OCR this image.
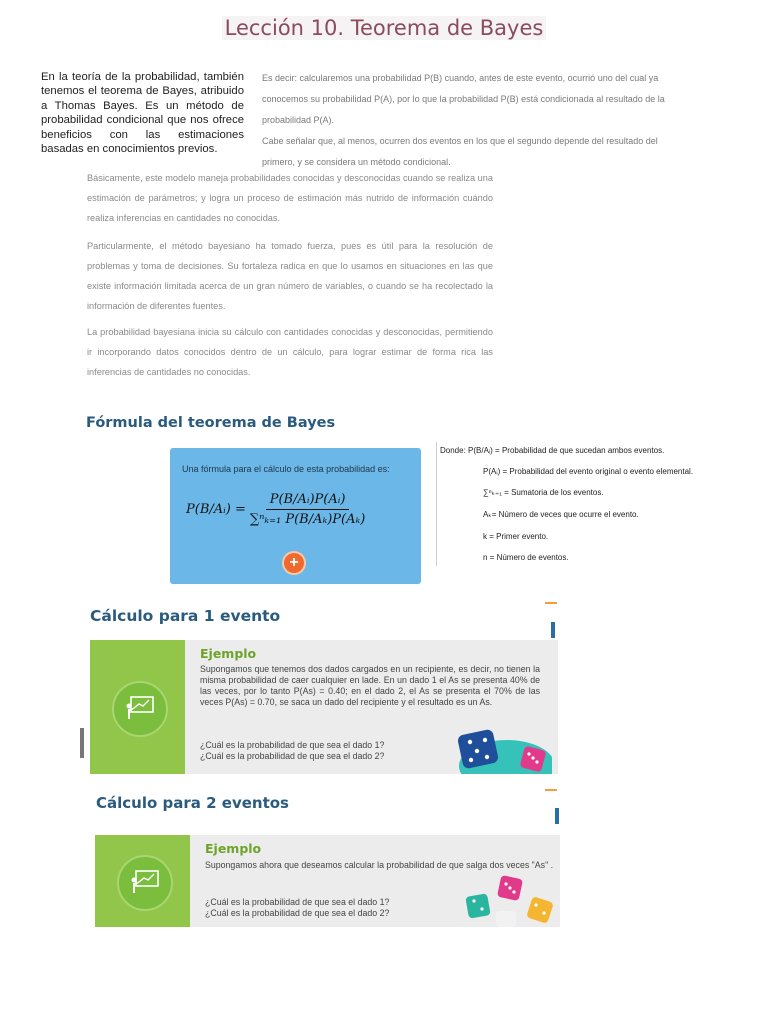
Lección 10. Teorema de Bayes
En la teoría de la probabilidad, también tenemos el teorema de Bayes, atribuido a Thomas Bayes. Es un método de probabilidad condicional que nos ofrece beneficios con las estimaciones basadas en conocimientos previos.
Es decir: calcularemos una probabilidad P(B) cuando, antes de este evento, ocurrió uno del cual ya conocemos su probabilidad P(A), por lo que la probabilidad P(B) está condicionada al resultado de la probabilidad P(A).
Cabe señalar que, al menos, ocurren dos eventos en los que el segundo depende del resultado del primero, y se considera un método condicional.
Básicamente, este modelo maneja probabilidades conocidas y desconocidas cuando se realiza una estimación de parámetros; y logra un proceso de estimación más nutrido de información cuándo realiza inferencias en cantidades no conocidas.
Particularmente, el método bayesiano ha tomado fuerza, pues es útil para la resolución de problemas y toma de decisiones. Su fortaleza radica en que lo usamos en situaciones en las que existe información limitada acerca de un gran número de variables, o cuando se ha recolectado la información de diferentes fuentes.
La probabilidad bayesiana inicia su cálculo con cantidades conocidas y desconocidas, permitiendo ir incorporando datos conocidos dentro de un cálculo, para lograr estimar de forma rica las inferencias de cantidades no conocidas.
Fórmula del teorema de Bayes
Una fórmula para el cálculo de esta probabilidad es:
P(B/Aᵢ) = $\frac{\text{P(B/Aᵢ)P(Aᵢ)}}{\text{∑ⁿₖ₌₁ P(B/Aₖ)P(Aₖ)}}$
+
Donde: P(B/Aᵢ) = Probabilidad de que sucedan ambos eventos.
P(Aᵢ) = Probabilidad del evento original o evento elemental.
∑ⁿₖ₌₁ = Sumatoria de los eventos.
Aₖ= Número de veces que ocurre el evento.
k = Primer evento.
n = Número de eventos.
Cálculo para 1 evento
Ejemplo
Supongamos que tenemos dos dados cargados en un recipiente, es decir, no tienen la misma probabilidad de caer cualquier en lade. En un dado 1 el As se presenta 40% de las veces, por lo tanto P(As) = 0.40; en el dado 2, el As se presenta el 70% de las veces P(As) = 0.70, se saca un dado del recipiente y el resultado es un As.
¿Cuál es la probabilidad de que sea el dado 1?
¿Cuál es la probabilidad de que sea el dado 2?
Cálculo para 2 eventos
Ejemplo
Supongamos ahora que deseamos calcular la probabilidad de que salga dos veces "As" .
¿Cuál es la probabilidad de que sea el dado 1?
¿Cuál es la probabilidad de que sea el dado 2?
